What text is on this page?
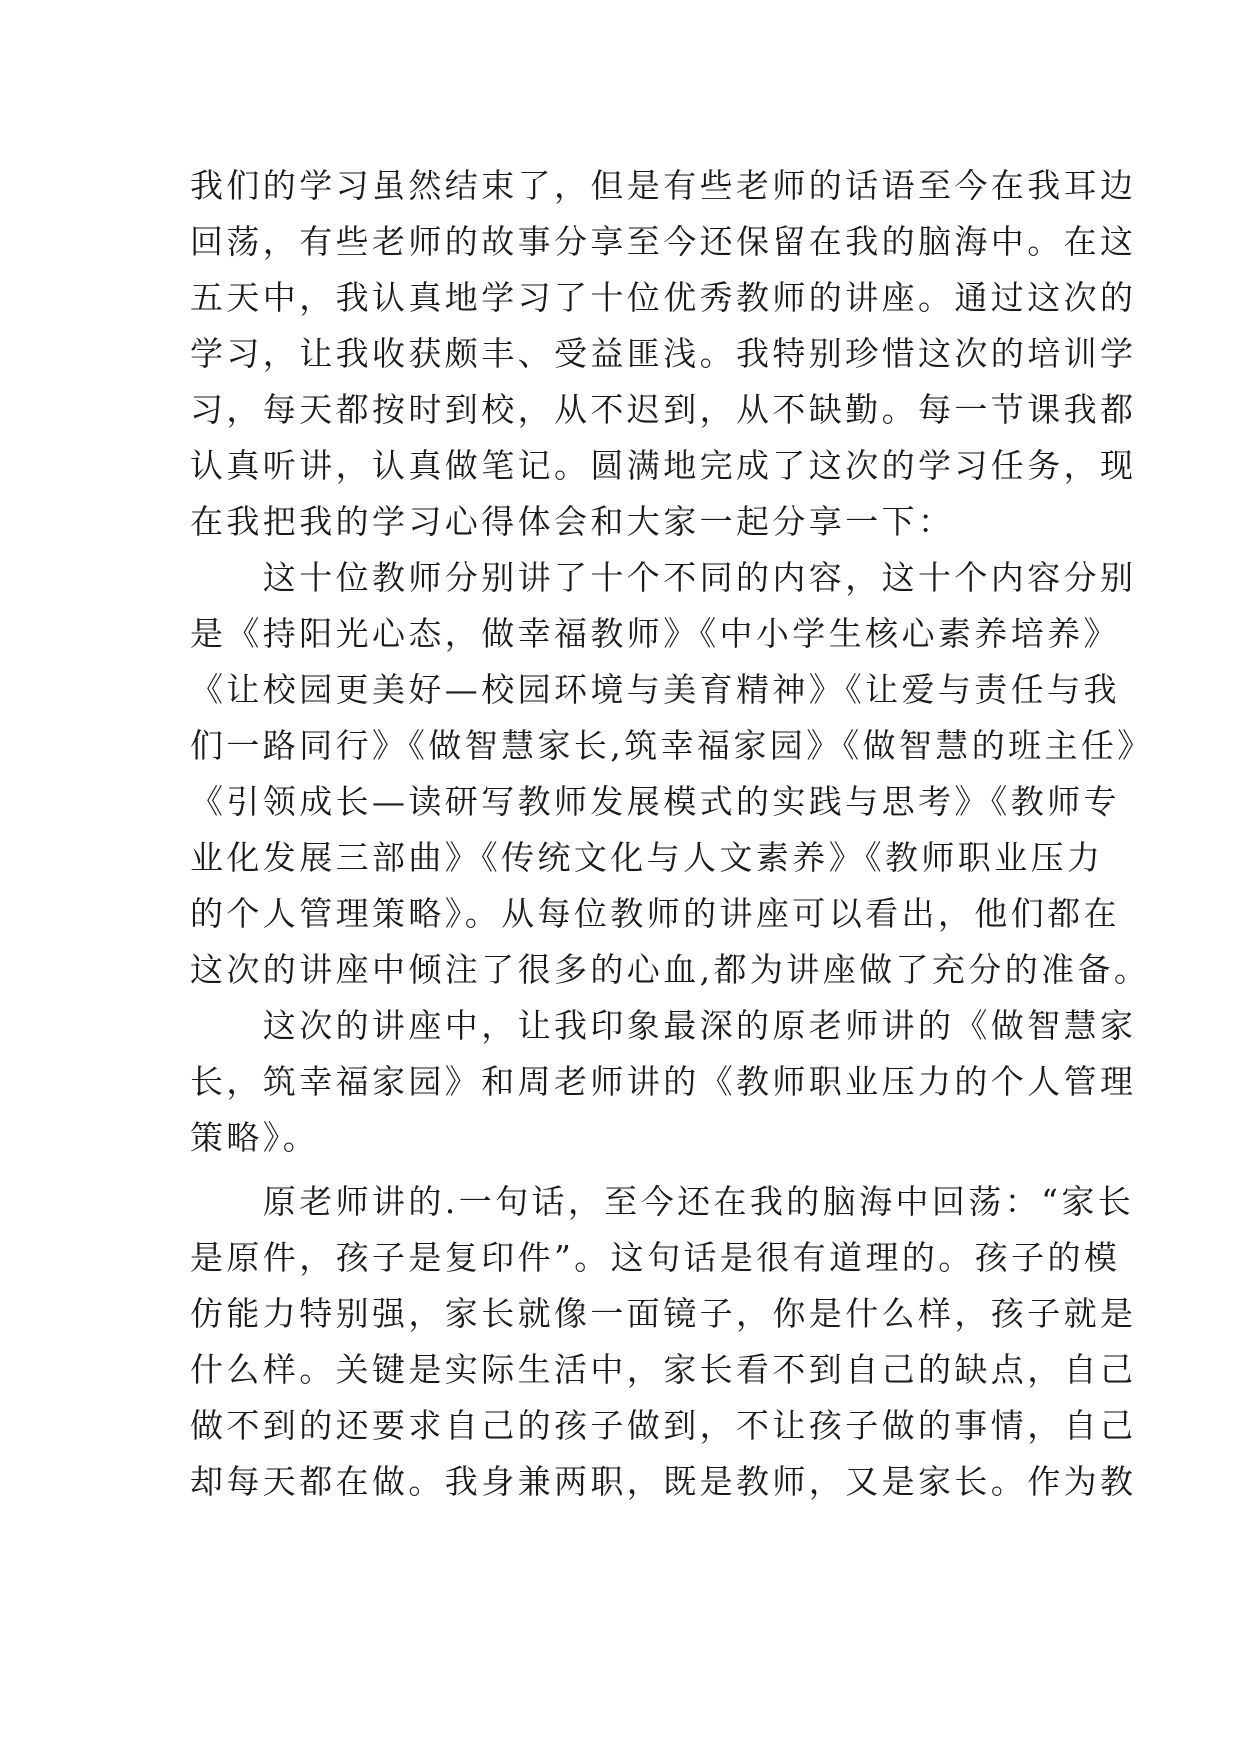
我们的学习虽然结束了，但是有些老师的话语至今在我耳边
回荡，有些老师的故事分享至今还保留在我的脑海中。在这
五天中，我认真地学习了十位优秀教师的讲座。通过这次的
学习，让我收获颇丰、受益匪浅。我特别珍惜这次的培训学
习，每天都按时到校，从不迟到，从不缺勤。每一节课我都
认真听讲，认真做笔记。圆满地完成了这次的学习任务，现
在我把我的学习心得体会和大家一起分享一下：

　　这十位教师分别讲了十个不同的内容，这十个内容分别
是《持阳光心态，做幸福教师》《中小学生核心素养培养》
《让校园更美好—校园环境与美育精神》《让爱与责任与我
们一路同行》《做智慧家长,筑幸福家园》《做智慧的班主任》
《引领成长—读研写教师发展模式的实践与思考》《教师专
业化发展三部曲》《传统文化与人文素养》《教师职业压力
的个人管理策略》。从每位教师的讲座可以看出，他们都在
这次的讲座中倾注了很多的心血,都为讲座做了充分的准备。

　　这次的讲座中，让我印象最深的原老师讲的《做智慧家
长，筑幸福家园》和周老师讲的《教师职业压力的个人管理
策略》。

　　原老师讲的.一句话，至今还在我的脑海中回荡：“家长
是原件，孩子是复印件”。这句话是很有道理的。孩子的模
仿能力特别强，家长就像一面镜子，你是什么样，孩子就是
什么样。关键是实际生活中，家长看不到自己的缺点，自己
做不到的还要求自己的孩子做到，不让孩子做的事情，自己
却每天都在做。我身兼两职，既是教师，又是家长。作为教
